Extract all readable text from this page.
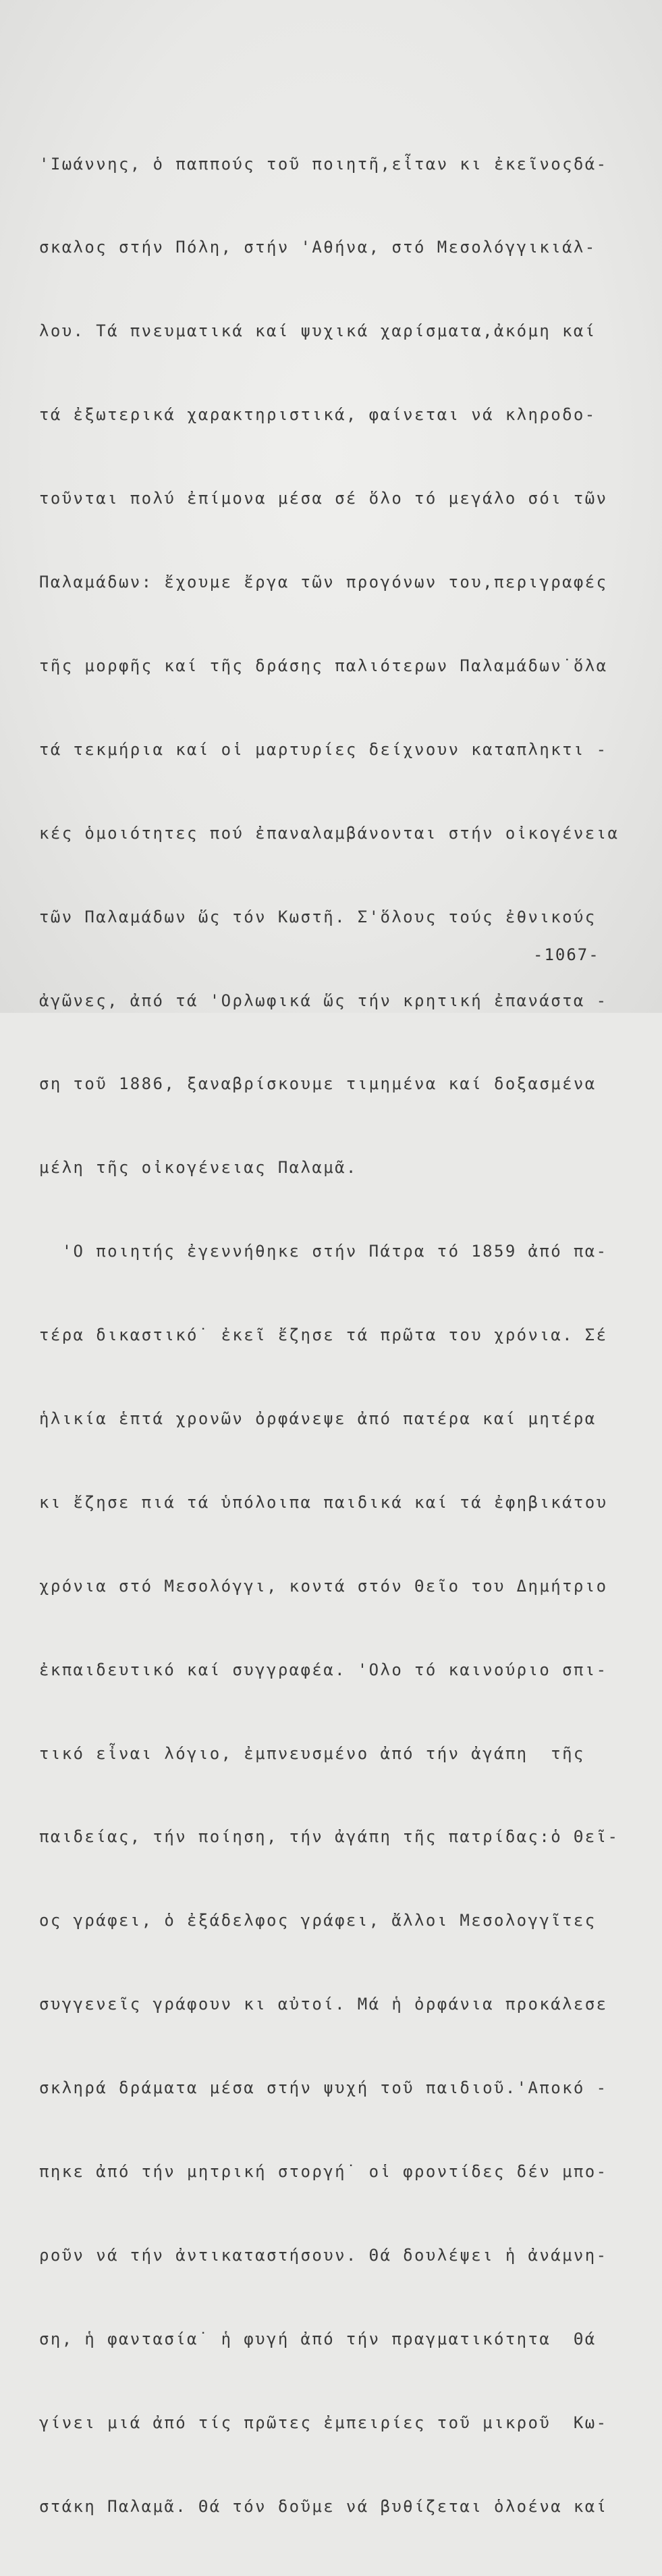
'Ιωάννης, ὁ παππούς τοῦ ποιητῆ,εἶταν κι ἐκεῖνοςδά-

σκαλος στήν Πόλη, στήν 'Αθήνα, στό Μεσολόγγικιάλ-

λου. Τά πνευματικά καί ψυχικά χαρίσματα,ἀκόμη καί

τά ἐξωτερικά χαρακτηριστικά, φαίνεται νά κληροδο-

τοῦνται πολύ ἐπίμονα μέσα σέ ὅλο τό μεγάλο σόι τῶν

Παλαμάδων: ἔχουμε ἔργα τῶν προγόνων του,περιγραφές

τῆς μορφῆς καί τῆς δράσης παλιότερων Παλαμάδων˙ὅλα

τά τεκμήρια καί οἱ μαρτυρίες δείχνουν καταπληκτι -

κές ὁμοιότητες πού ἐπαναλαμβάνονται στήν οἰκογένεια

τῶν Παλαμάδων ὥς τόν Κωστῆ. Σ'ὅλους τούς ἐθνικούς

ἀγῶνες, ἀπό τά 'Ορλωφικά ὥς τήν κρητική ἐπανάστα -

ση τοῦ 1886, ξαναβρίσκουμε τιμημένα καί δοξασμένα

μέλη τῆς οἰκογένειας Παλαμᾶ.

'Ο ποιητής ἐγεννήθηκε στήν Πάτρα τό 1859 ἀπό πα-

τέρα δικαστικό˙ ἐκεῖ ἔζησε τά πρῶτα του χρόνια. Σέ

ἡλικία ἑπτά χρονῶν ὀρφάνεψε ἀπό πατέρα καί μητέρα

κι ἔζησε πιά τά ὑπόλοιπα παιδικά καί τά ἐφηβικάτου

χρόνια στό Μεσολόγγι, κοντά στόν Θεῖο του Δημήτριο

ἐκπαιδευτικό καί συγγραφέα. 'Ολο τό καινούριο σπι-

τικό εἶναι λόγιο, ἐμπνευσμένο ἀπό τήν ἀγάπη  τῆς

παιδείας, τήν ποίηση, τήν ἀγάπη τῆς πατρίδας:ὁ Θεῖ-

ος γράφει, ὁ ἐξάδελφος γράφει, ἄλλοι Μεσολογγῖτες

συγγενεῖς γράφουν κι αὐτοί. Μά ἡ ὀρφάνια προκάλεσε

σκληρά δράματα μέσα στήν ψυχή τοῦ παιδιοῦ.'Αποκό -

πηκε ἀπό τήν μητρική στοργή˙ οἱ φροντίδες δέν μπο-

ροῦν νά τήν ἀντικαταστήσουν. Θά δουλέψει ἡ ἀνάμνη-

ση, ἡ φαντασία˙ ἡ φυγή ἀπό τήν πραγματικότητα  Θά

γίνει μιά ἀπό τίς πρῶτες ἐμπειρίες τοῦ μικροῦ  Κω-

στάκη Παλαμᾶ. Θά τόν δοῦμε νά βυθίζεται ὁλοένα καί

-1067-
